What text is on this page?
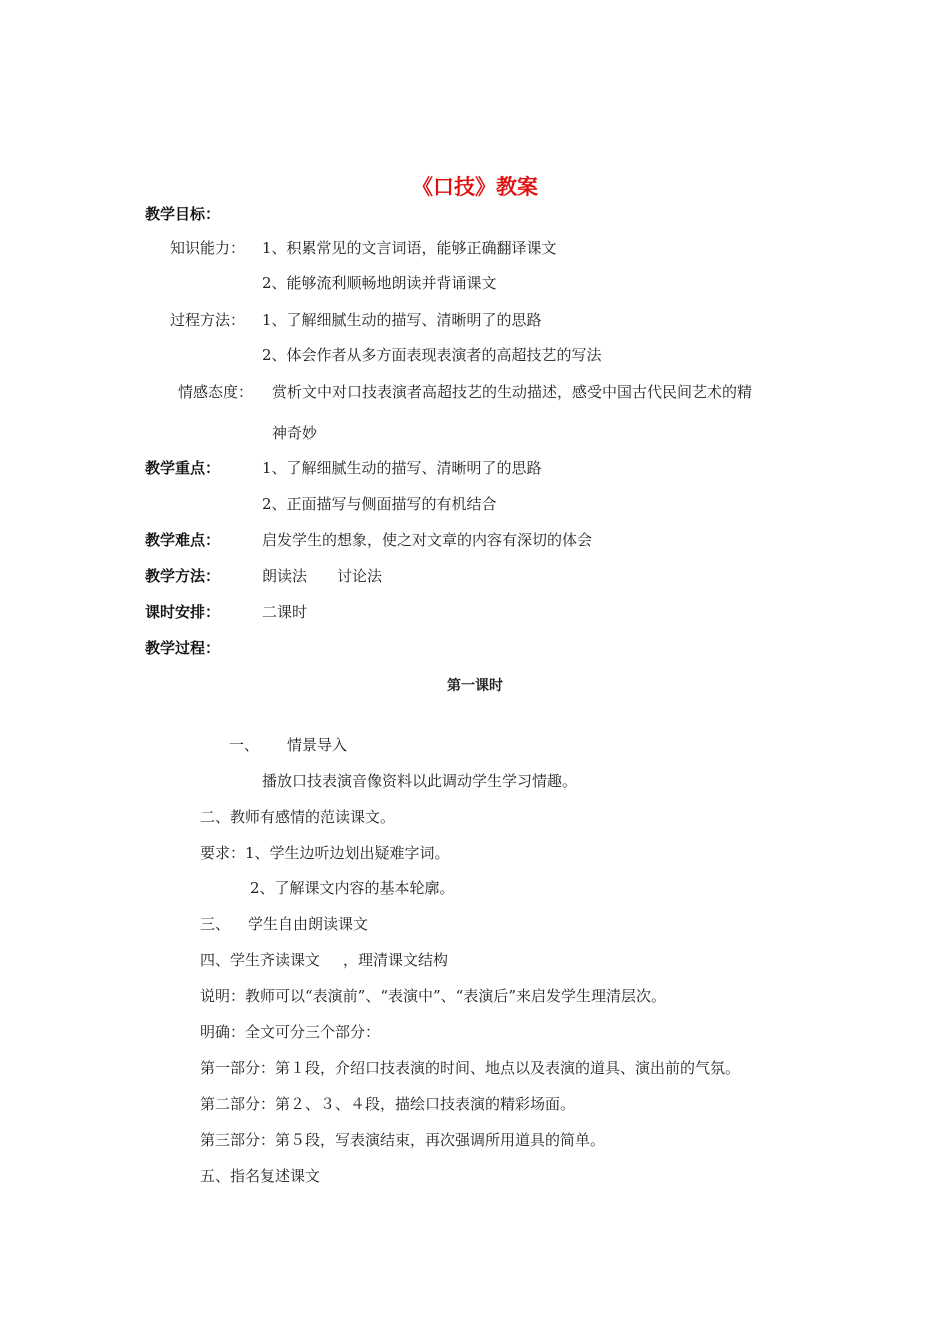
《口技》教案
教学目标：
知识能力： 1、积累常见的文言词语，能够正确翻译课文
2、能够流利顺畅地朗读并背诵课文
过程方法： 1、了解细腻生动的描写、清晰明了的思路
2、体会作者从多方面表现表演者的高超技艺的写法
情感态度： 赏析文中对口技表演者高超技艺的生动描述，感受中国古代民间艺术的精
神奇妙
教学重点：	1、了解细腻生动的描写、清晰明了的思路
2、正面描写与侧面描写的有机结合
教学难点：	启发学生的想象，使之对文章的内容有深切的体会
教学方法：	朗读法 讨论法
课时安排：	二课时
教学过程：
第一课时
一、 情景导入
播放口技表演音像资料以此调动学生学习情趣。
二、教师有感情的范读课文。
要求：1、学生边听边划出疑难字词。
2、了解课文内容的基本轮廓。
三、 学生自由朗读课文
四、学生齐读课文 ，理清课文结构
说明：教师可以“表演前”、“表演中”、“表演后”来启发学生理清层次。
明确：全文可分三个部分：
第一部分：第１段，介绍口技表演的时间、地点以及表演的道具、演出前的气氛。
第二部分：第２、３、４段，描绘口技表演的精彩场面。
第三部分：第５段，写表演结束，再次强调所用道具的简单。
五、指名复述课文
